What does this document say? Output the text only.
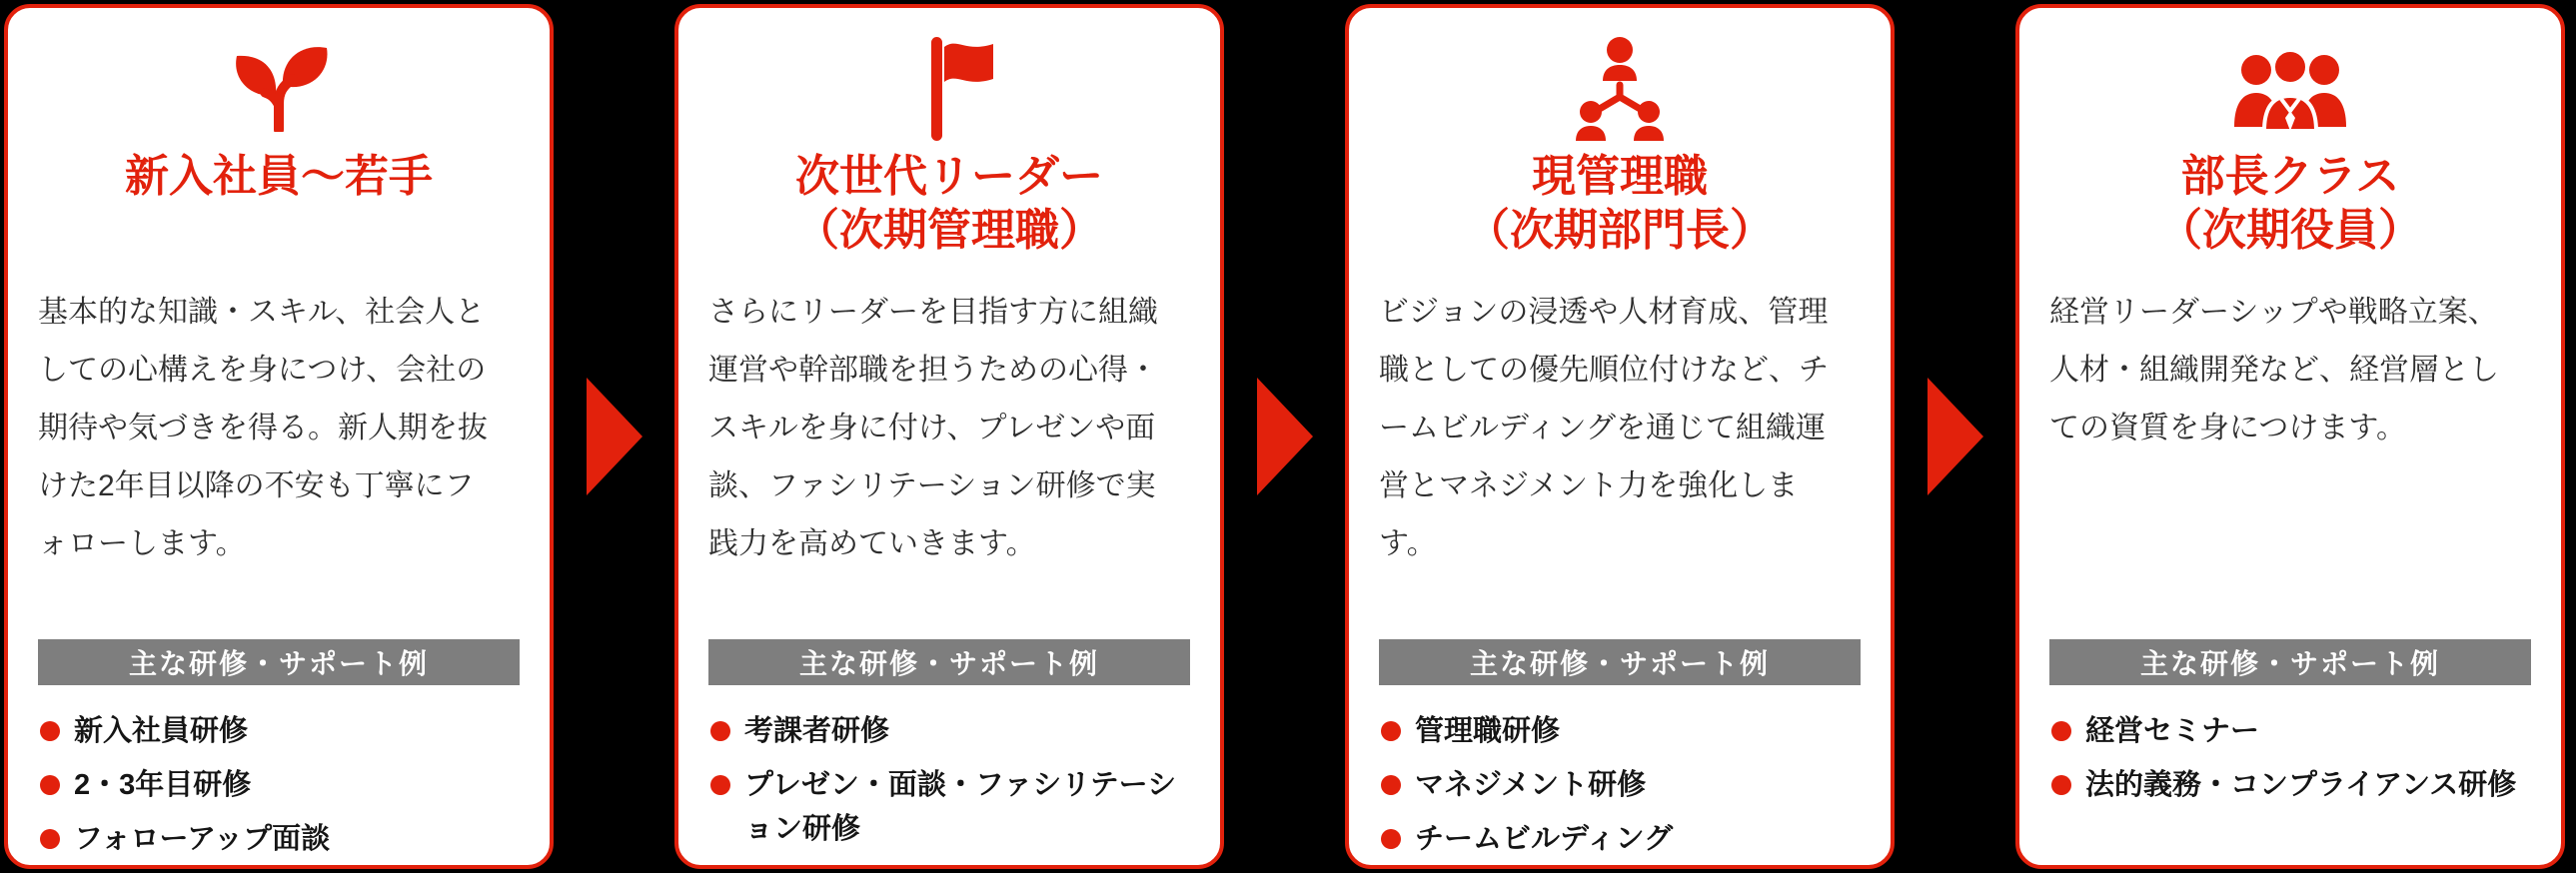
新入社員〜若手

基本的な知識・スキル、社会人としての心構えを身につけ、会社の期待や気づきを得る。新人期を抜けた2年目以降の不安も丁寧にフォローします。

主な研修・サポート例
新入社員研修
2・3年目研修
フォローアップ面談
次世代リーダー
（次期管理職）

さらにリーダーを目指す方に組織運営や幹部職を担うための心得・スキルを身に付け、プレゼンや面談、ファシリテーション研修で実践力を高めていきます。

主な研修・サポート例
考課者研修
プレゼン・面談・ファシリテーション研修
現管理職
（次期部門長）

ビジョンの浸透や人材育成、管理職としての優先順位付けなど、チームビルディングを通じて組織運営とマネジメント力を強化します。

主な研修・サポート例
管理職研修
マネジメント研修
チームビルディング
部長クラス
（次期役員）

経営リーダーシップや戦略立案、人材・組織開発など、経営層としての資質を身につけます。

主な研修・サポート例
経営セミナー
法的義務・コンプライアンス研修
